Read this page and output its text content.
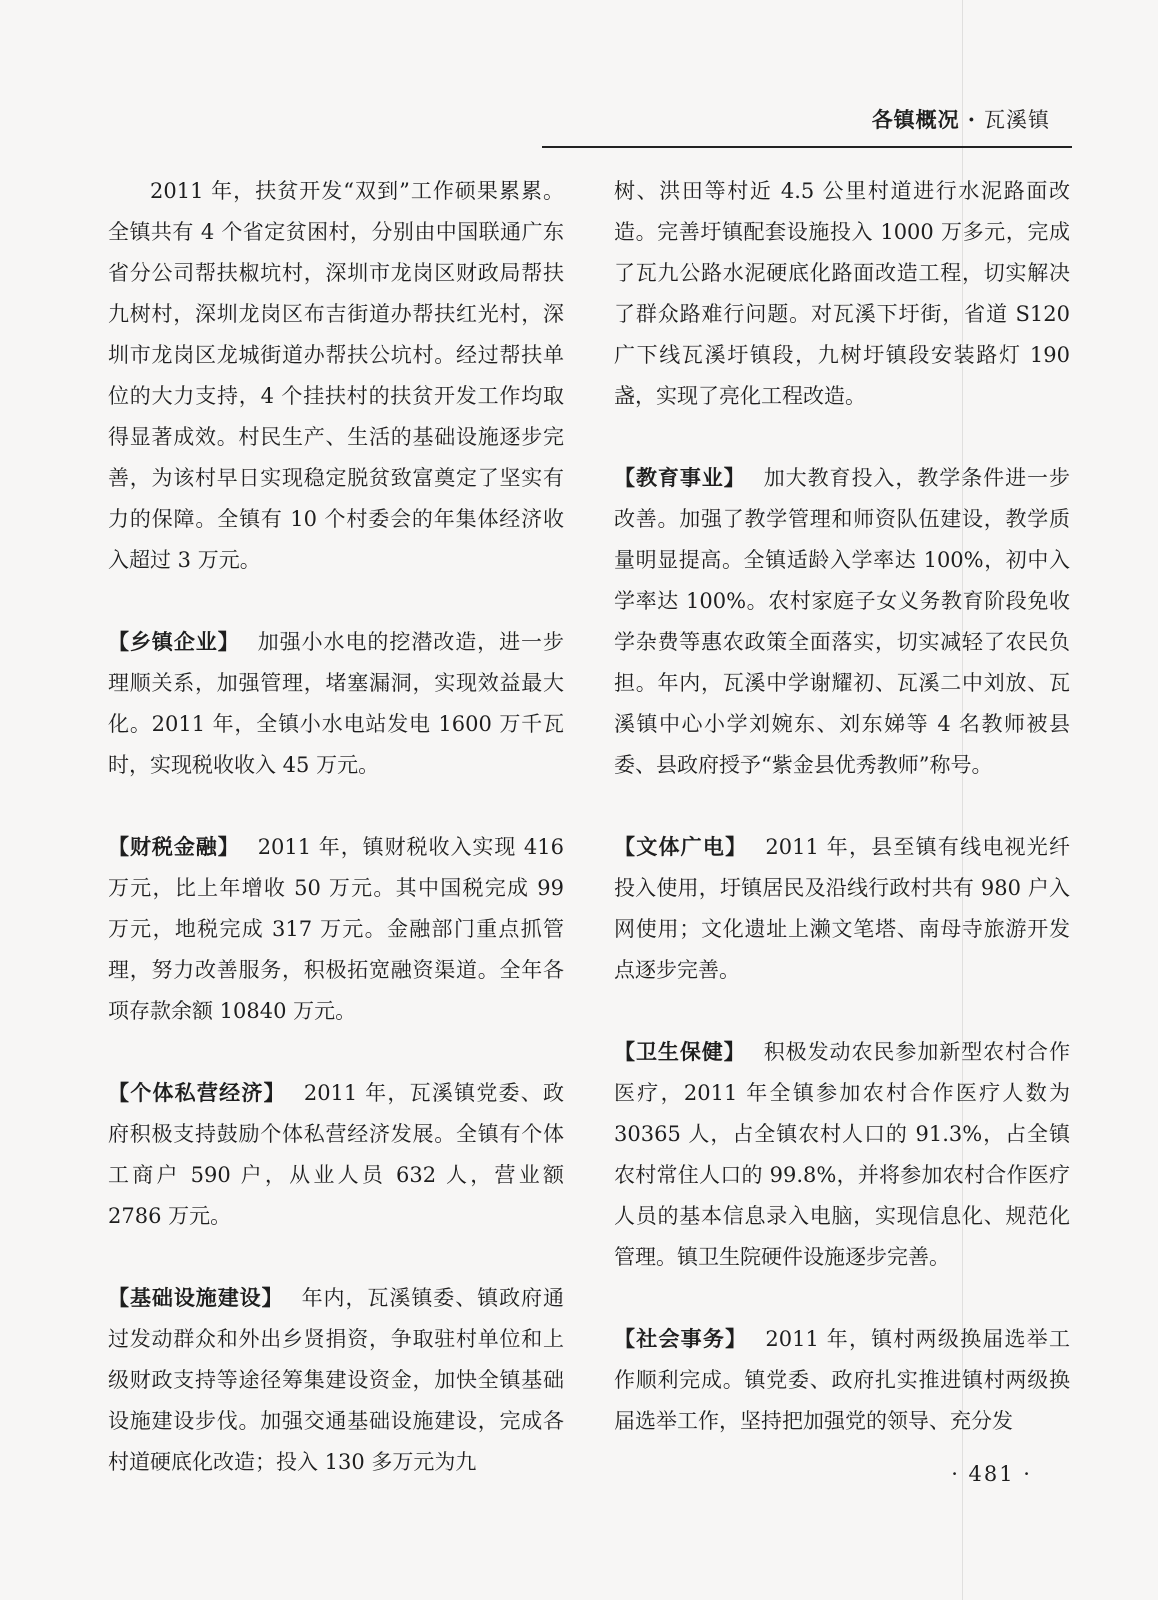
各镇概况 · 瓦溪镇

2011 年，扶贫开发“双到”工作硕果累累。全镇共有 4 个省定贫困村，分别由中国联通广东省分公司帮扶椒坑村，深圳市龙岗区财政局帮扶九树村，深圳龙岗区布吉街道办帮扶红光村，深圳市龙岗区龙城街道办帮扶公坑村。经过帮扶单位的大力支持，4 个挂扶村的扶贫开发工作均取得显著成效。村民生产、生活的基础设施逐步完善，为该村早日实现稳定脱贫致富奠定了坚实有力的保障。全镇有 10 个村委会的年集体经济收入超过 3 万元。

【乡镇企业】 加强小水电的挖潜改造，进一步理顺关系，加强管理，堵塞漏洞，实现效益最大化。2011 年，全镇小水电站发电 1600 万千瓦时，实现税收收入 45 万元。

【财税金融】 2011 年，镇财税收入实现 416 万元，比上年增收 50 万元。其中国税完成 99 万元，地税完成 317 万元。金融部门重点抓管理，努力改善服务，积极拓宽融资渠道。全年各项存款余额 10840 万元。

【个体私营经济】 2011 年，瓦溪镇党委、政府积极支持鼓励个体私营经济发展。全镇有个体工商户 590 户，从业人员 632 人，营业额 2786 万元。

【基础设施建设】 年内，瓦溪镇委、镇政府通过发动群众和外出乡贤捐资，争取驻村单位和上级财政支持等途径筹集建设资金，加快全镇基础设施建设步伐。加强交通基础设施建设，完成各村道硬底化改造；投入 130 多万元为九

树、洪田等村近 4.5 公里村道进行水泥路面改造。完善圩镇配套设施投入 1000 万多元，完成了瓦九公路水泥硬底化路面改造工程，切实解决了群众路难行问题。对瓦溪下圩街，省道 S120 广下线瓦溪圩镇段，九树圩镇段安装路灯 190 盏，实现了亮化工程改造。

【教育事业】 加大教育投入，教学条件进一步改善。加强了教学管理和师资队伍建设，教学质量明显提高。全镇适龄入学率达 100%，初中入学率达 100%。农村家庭子女义务教育阶段免收学杂费等惠农政策全面落实，切实减轻了农民负担。年内，瓦溪中学谢耀初、瓦溪二中刘放、瓦溪镇中心小学刘婉东、刘东娣等 4 名教师被县委、县政府授予“紫金县优秀教师”称号。

【文体广电】 2011 年，县至镇有线电视光纤投入使用，圩镇居民及沿线行政村共有 980 户入网使用；文化遗址上濑文笔塔、南母寺旅游开发点逐步完善。

【卫生保健】 积极发动农民参加新型农村合作医疗，2011 年全镇参加农村合作医疗人数为 30365 人，占全镇农村人口的 91.3%，占全镇农村常住人口的 99.8%，并将参加农村合作医疗人员的基本信息录入电脑，实现信息化、规范化管理。镇卫生院硬件设施逐步完善。

【社会事务】 2011 年，镇村两级换届选举工作顺利完成。镇党委、政府扎实推进镇村两级换届选举工作，坚持把加强党的领导、充分发

· 481 ·
